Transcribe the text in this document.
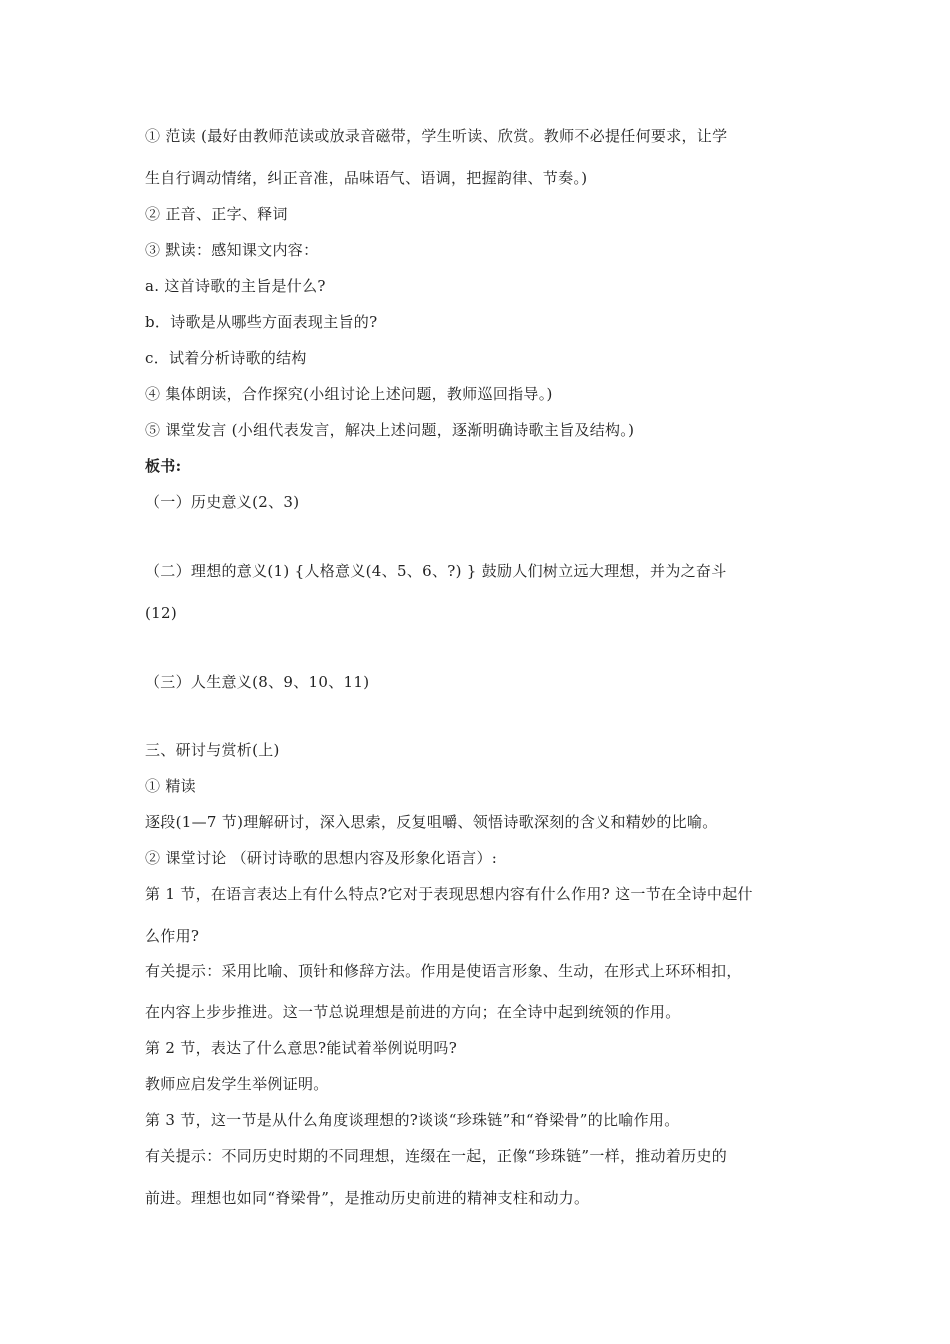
① 范读 (最好由教师范读或放录音磁带，学生听读、欣赏。教师不必提任何要求，让学
生自行调动情绪，纠正音准，品味语气、语调，把握韵律、节奏。)
② 正音、正字、释词
③ 默读：感知课文内容：
a. 这首诗歌的主旨是什么?
b．诗歌是从哪些方面表现主旨的?
c．试着分析诗歌的结构
④ 集体朗读，合作探究(小组讨论上述问题，教师巡回指导。)
⑤ 课堂发言 (小组代表发言，解决上述问题，逐渐明确诗歌主旨及结构。)
板书:
（一）历史意义(2、3)
（二）理想的意义(1) {人格意义(4、5、6、?) } 鼓励人们树立远大理想，并为之奋斗
(12)
（三）人生意义(8、9、10、11)
三、研讨与赏析(上)
① 精读
逐段(1—7 节)理解研讨，深入思索，反复咀嚼、领悟诗歌深刻的含义和精妙的比喻。
② 课堂讨论 （研讨诗歌的思想内容及形象化语言）:
第 1 节，在语言表达上有什么特点?它对于表现思想内容有什么作用? 这一节在全诗中起什
么作用?
有关提示：采用比喻、顶针和修辞方法。作用是使语言形象、生动，在形式上环环相扣，
在内容上步步推进。这一节总说理想是前进的方向；在全诗中起到统领的作用。
第 2 节，表达了什么意思?能试着举例说明吗?
教师应启发学生举例证明。
第 3 节，这一节是从什么角度谈理想的?谈谈“珍珠链”和“脊梁骨”的比喻作用。
有关提示：不同历史时期的不同理想，连缀在一起，正像“珍珠链”一样，推动着历史的
前进。理想也如同“脊梁骨”，是推动历史前进的精神支柱和动力。
